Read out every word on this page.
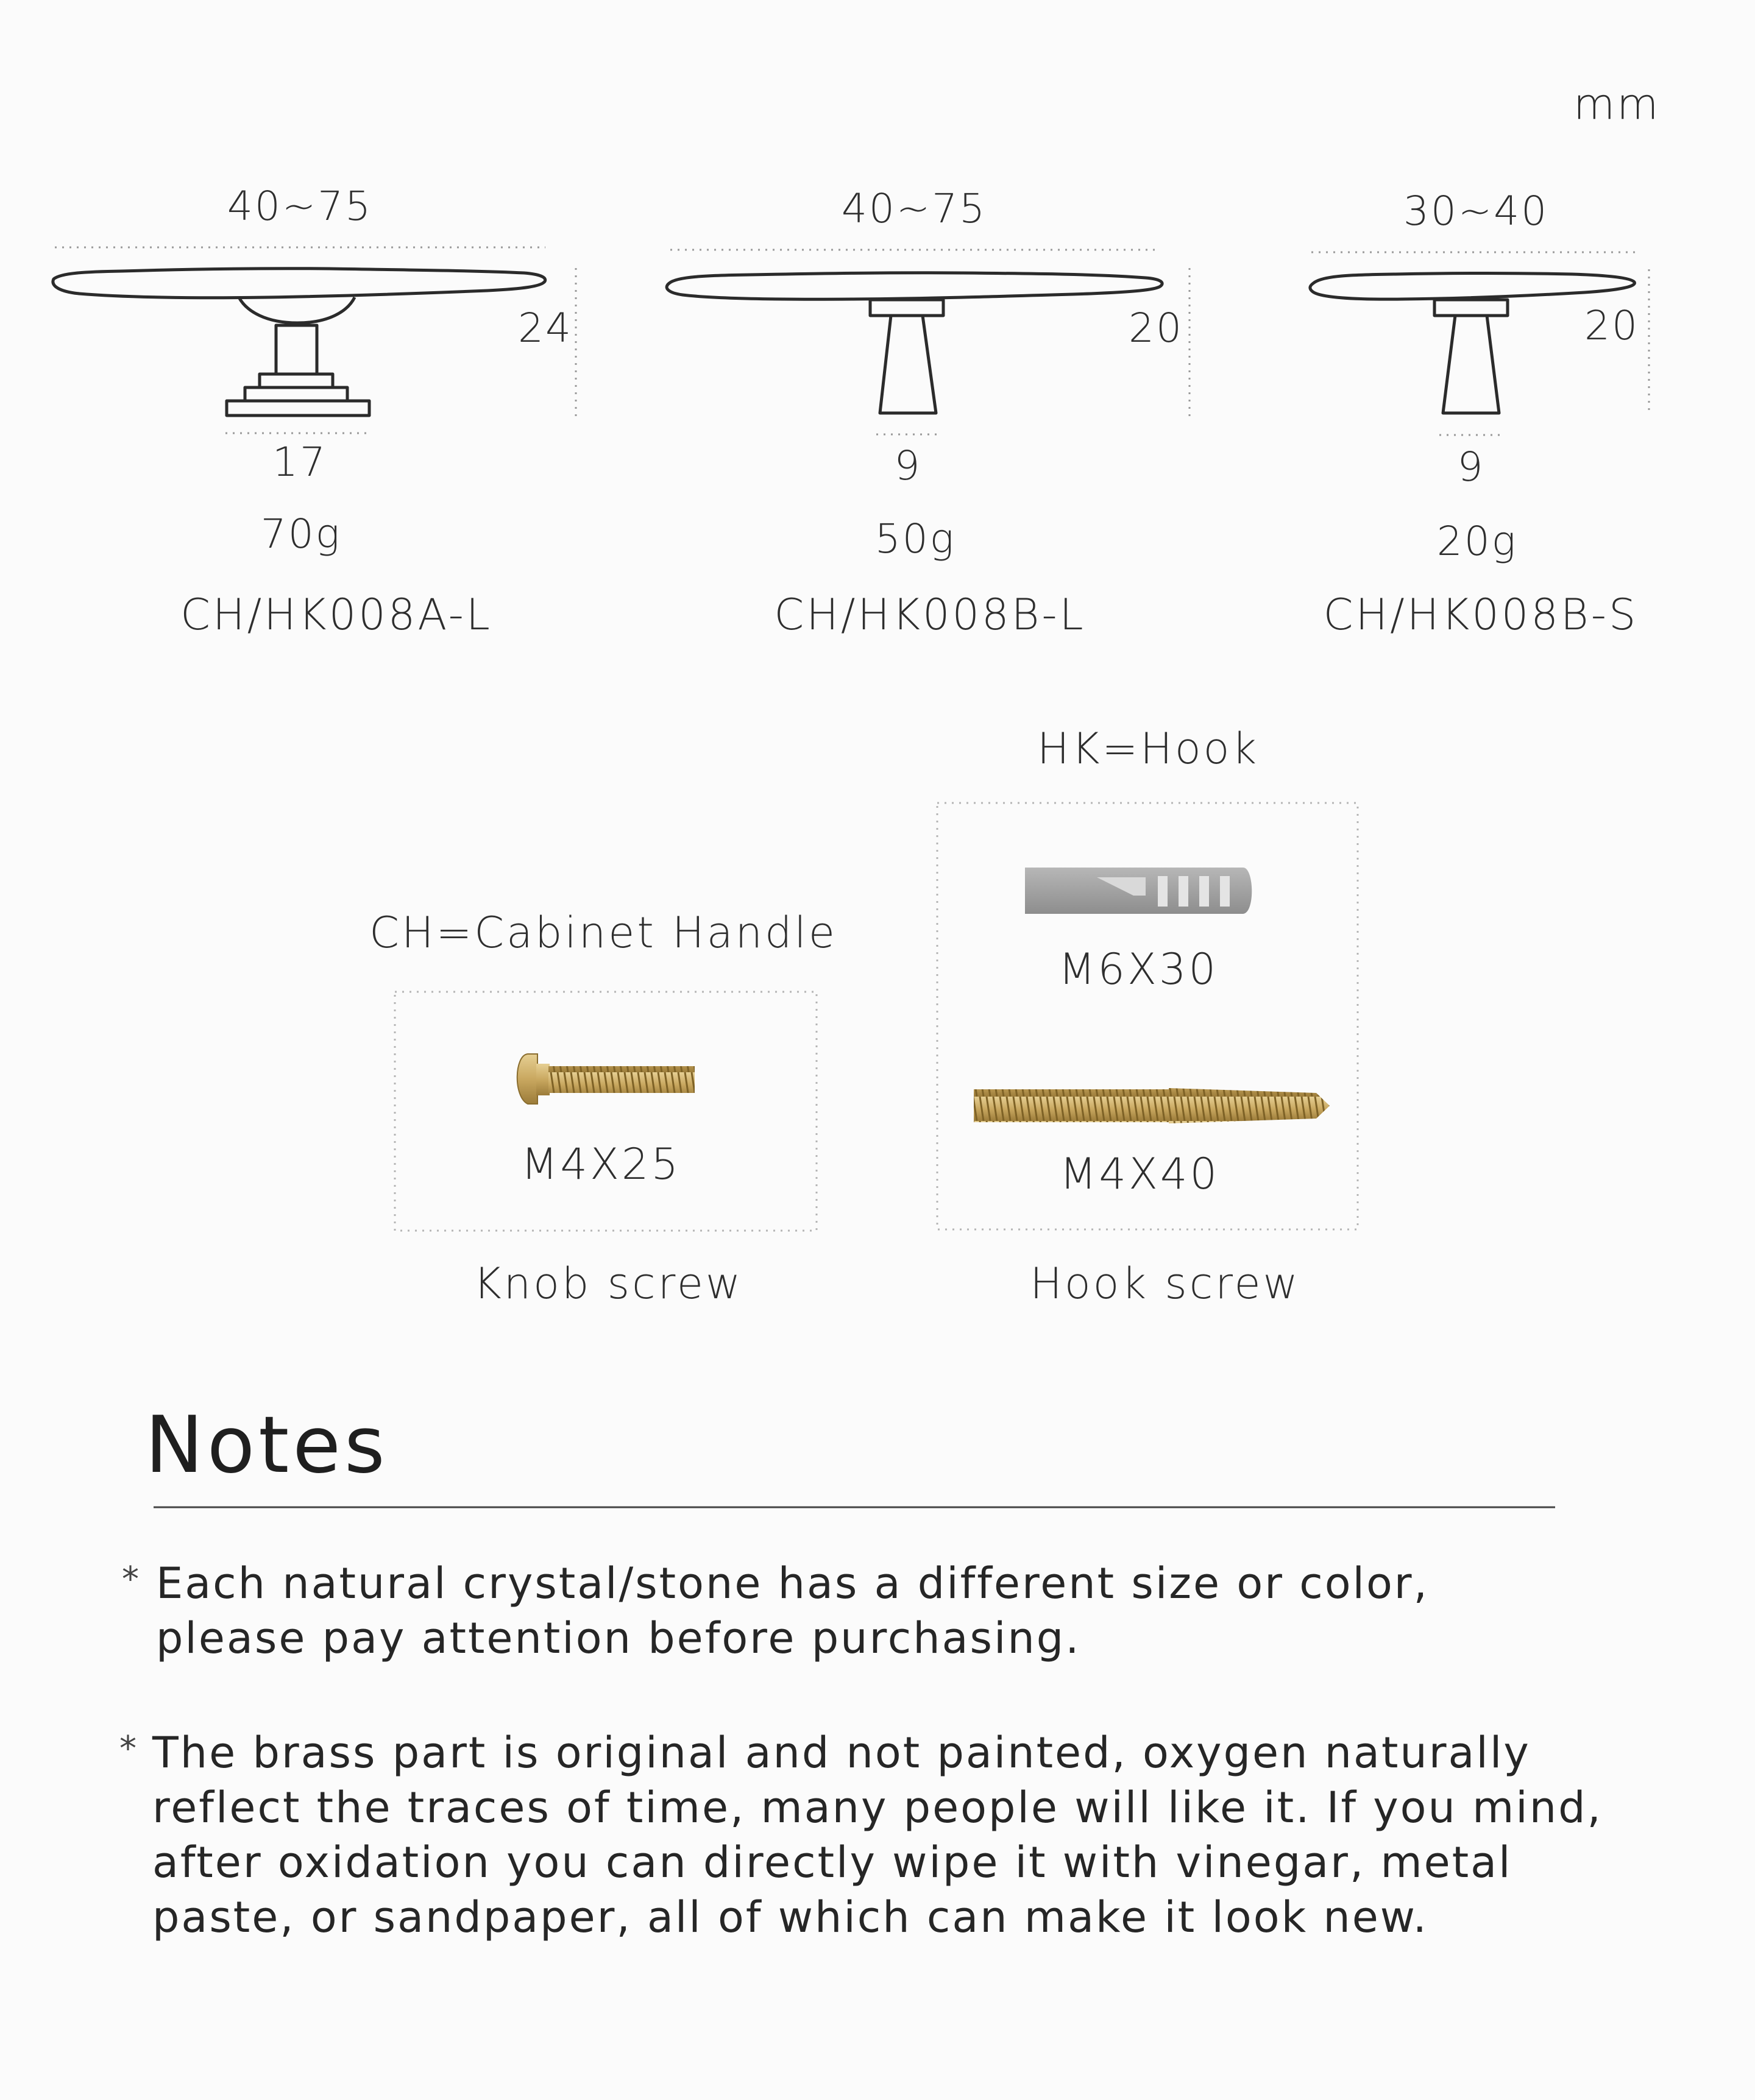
mm
40~75
24
17
70g
CH/HK008A-L
40~75
20
9
50g
CH/HK008B-L
30~40
20
9
20g
CH/HK008B-S
HK=Hook
CH=Cabinet Handle
M6X30
M4X25	M4X40
Knob screw	Hook screw
Notes
* Each natural crystal/stone has a different size or color, please pay attention before purchasing.
* The brass part is original and not painted, oxygen naturally reflect the traces of time, many people will like it. If you mind, after oxidation you can directly wipe it with vinegar, metal paste, or sandpaper, all of which can make it look new.
